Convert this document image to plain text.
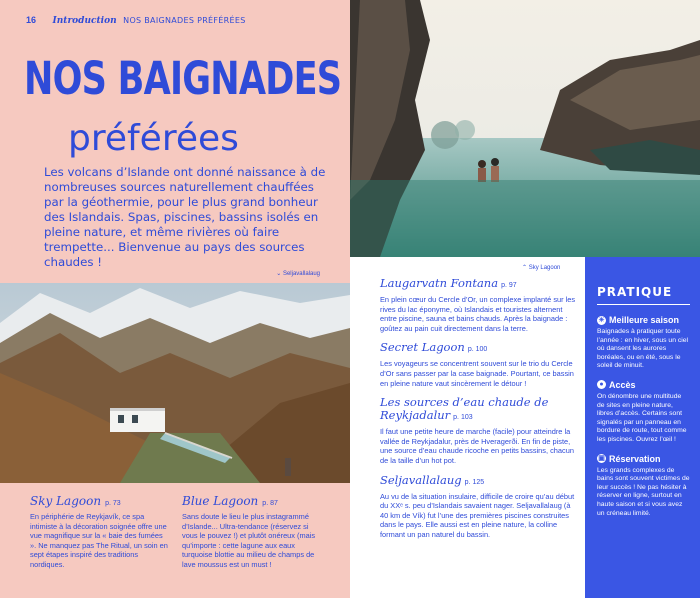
16 Introduction NOS BAIGNADES PRÉFÉRÉES
NOS BAIGNADES
préférées
Les volcans d’Islande ont donné naissance à de nombreuses sources naturellement chauffées par la géothermie, pour le plus grand bonheur des Islandais. Spas, piscines, bassins isolés en pleine nature, et même rivières où faire trempette... Bienvenue au pays des sources chaudes !
⌄ Seljavallalaug
Sky Lagoon p. 73

En périphérie de Reykjavík, ce spa intimiste à la décoration soignée offre une vue magnifique sur la « baie des fumées ». Ne manquez pas The Ritual, un soin en sept étapes inspiré des traditions nordiques.

Blue Lagoon p. 87

Sans doute le lieu le plus instagrammé d’Islande... Ultra-tendance (réservez si vous le pouvez !) et plutôt onéreux (mais qu’importe : cette lagune aux eaux turquoise blottie au milieu de champs de lave moussus est un must !

⌃ Sky Lagoon
Laugarvatn Fontana p. 97

En plein cœur du Cercle d’Or, un complexe implanté sur les rives du lac éponyme, où Islandais et touristes alternent entre piscine, sauna et bains chauds. Après la baignade : goûtez au pain cuit directement dans la terre.

Secret Lagoon p. 100

Les voyageurs se concentrent souvent sur le trio du Cercle d’Or sans passer par la case baignade. Pourtant, ce bassin en pleine nature vaut sincèrement le détour !

Les sources d’eau chaude de Reykjadalur p. 103

Il faut une petite heure de marche (facile) pour atteindre la vallée de Reykjadalur, près de Hveragerði. En fin de piste, une source d’eau chaude ricoche en petits bassins, chacun de la taille d’un hot pot.

Seljavallalaug p. 125

Au vu de la situation insulaire, difficile de croire qu’au début du XXᵉ s. peu d’Islandais savaient nager. Seljavallalaug (à 40 km de Vík) fut l’une des premières piscines construites dans le pays. Elle aussi est en pleine nature, la colline formant un pan naturel du bassin.

PRATIQUE
☀ Meilleure saison

Baignades à pratiquer toute l’année : en hiver, sous un ciel où dansent les aurores boréales, ou en été, sous le soleil de minuit.

● Accès

On dénombre une multitude de sites en pleine nature, libres d’accès. Certains sont signalés par un panneau en bordure de route, tout comme les piscines. Ouvrez l’œil !

▣ Réservation

Les grands complexes de bains sont souvent victimes de leur succès ! Ne pas hésiter à réserver en ligne, surtout en haute saison et si vous avez un créneau limité.
